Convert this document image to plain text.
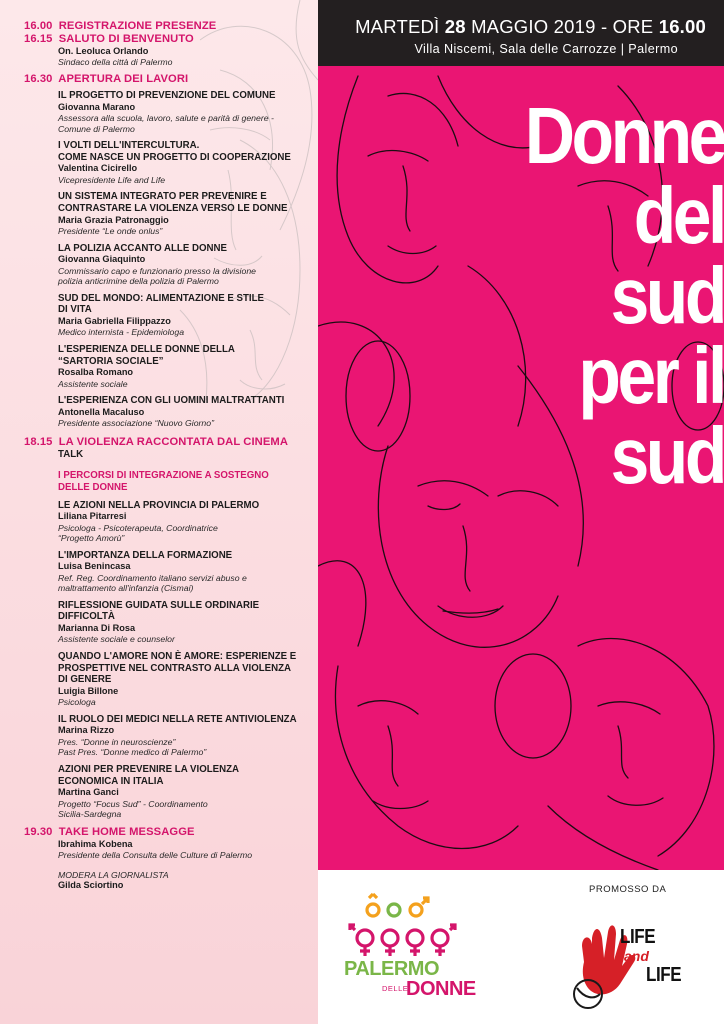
16.00 REGISTRAZIONE PRESENZE
16.15 SALUTO DI BENVENUTO
On. Leoluca Orlando
Sindaco della città di Palermo
16.30 APERTURA DEI LAVORI
IL PROGETTO DI PREVENZIONE DEL COMUNE
Giovanna Marano
Assessora alla scuola, lavoro, salute e parità di genere -
Comune di Palermo
I VOLTI DELL'INTERCULTURA.
COME NASCE UN PROGETTO DI COOPERAZIONE
Valentina Cicirello
Vicepresidente Life and Life
UN SISTEMA INTEGRATO PER PREVENIRE E
CONTRASTARE LA VIOLENZA VERSO LE DONNE
Maria Grazia Patronaggio
Presidente “Le onde onlus”
LA POLIZIA ACCANTO ALLE DONNE
Giovanna Giaquinto
Commissario capo e funzionario presso la divisione
polizia anticrimine della polizia di Palermo
SUD DEL MONDO: ALIMENTAZIONE E STILE
DI VITA
Maria Gabriella Filippazzo
Medico internista - Epidemiologa
L'ESPERIENZA DELLE DONNE DELLA
“SARTORIA SOCIALE”
Rosalba Romano
Assistente sociale
L'ESPERIENZA CON GLI UOMINI MALTRATTANTI
Antonella Macaluso
Presidente associazione “Nuovo Giorno”
18.15 LA VIOLENZA RACCONTATA DAL CINEMA
TALK
I PERCORSI DI INTEGRAZIONE A SOSTEGNO
DELLE DONNE
LE AZIONI NELLA PROVINCIA DI PALERMO
Liliana Pitarresi
Psicologa - Psicoterapeuta, Coordinatrice
“Progetto Amorù”
L'IMPORTANZA DELLA FORMAZIONE
Luisa Benincasa
Ref. Reg. Coordinamento italiano servizi abuso e
maltrattamento all'infanzia (Cismai)
RIFLESSIONE GUIDATA SULLE ORDINARIE
DIFFICOLTÀ
Marianna Di Rosa
Assistente sociale e counselor
QUANDO L'AMORE NON È AMORE: ESPERIENZE E
PROSPETTIVE NEL CONTRASTO ALLA VIOLENZA
DI GENERE
Luigia Billone
Psicologa
IL RUOLO DEI MEDICI NELLA RETE ANTIVIOLENZA
Marina Rizzo
Pres. “Donne in neuroscienze”
Past Pres. “Donne medico di Palermo”
AZIONI PER PREVENIRE LA VIOLENZA
ECONOMICA IN ITALIA
Martina Ganci
Progetto “Focus Sud” - Coordinamento
Sicilia-Sardegna
19.30 TAKE HOME MESSAGGE
Ibrahima Kobena
Presidente della Consulta delle Culture di Palermo
MODERA LA GIORNALISTA
Gilda Sciortino
MARTEDÌ 28 MAGGIO 2019 - ORE 16.00
Villa Niscemi, Sala delle Carrozze | Palermo
Donne
del
sud
per il
sud
PALERMO
DELLE
DONNE
PROMOSSO DA
LIFE
and
LIFE
